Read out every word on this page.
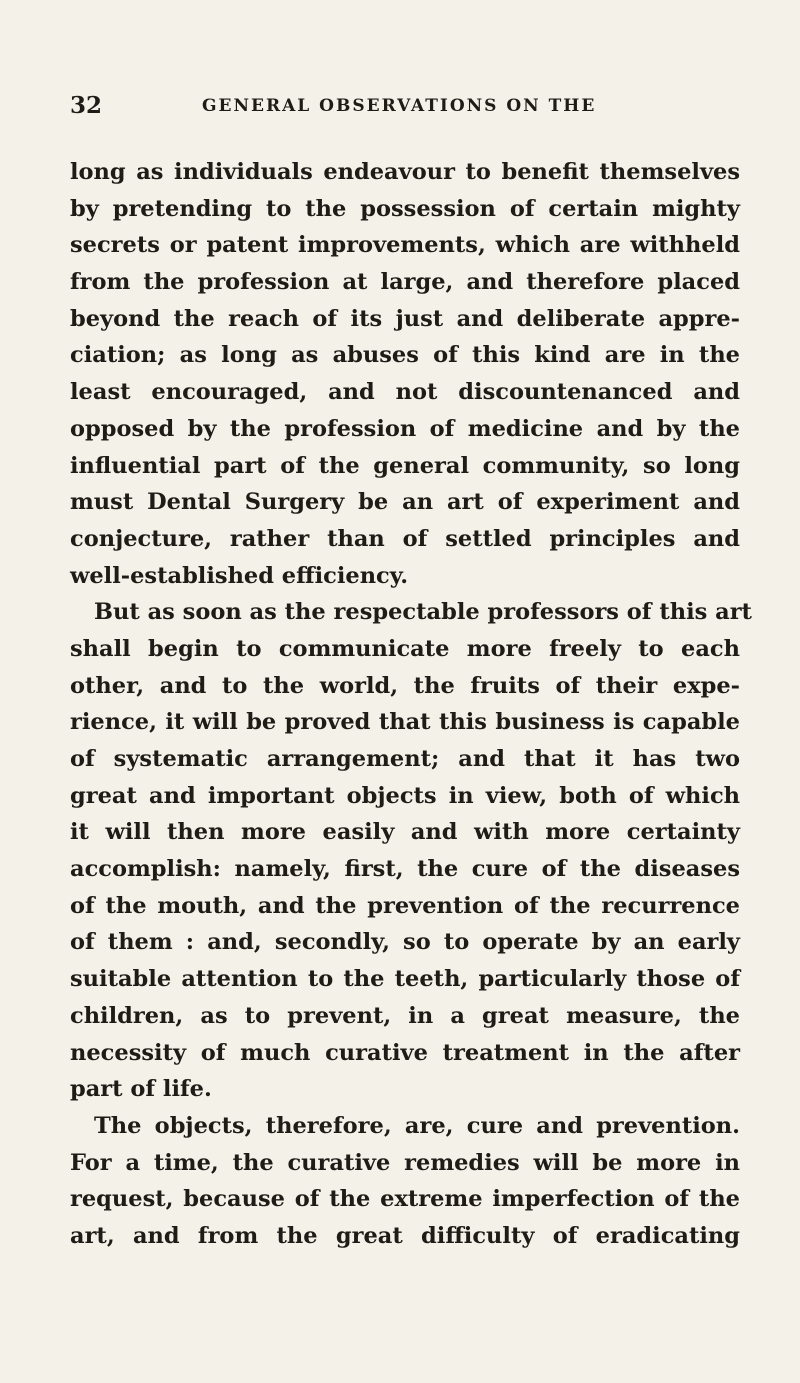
32	GENERAL OBSERVATIONS ON THE
long as individuals endeavour to benefit themselves
by pretending to the possession of certain mighty
secrets or patent improvements, which are withheld
from the profession at large, and therefore placed
beyond the reach of its just and deliberate appre-
ciation; as long as abuses of this kind are in the
least encouraged, and not discountenanced and
opposed by the profession of medicine and by the
influential part of the general community, so long
must Dental Surgery be an art of experiment and
conjecture, rather than of settled principles and
well-established efficiency.
But as soon as the respectable professors of this art
shall begin to communicate more freely to each
other, and to the world, the fruits of their expe-
rience, it will be proved that this business is capable
of systematic arrangement; and that it has two
great and important objects in view, both of which
it will then more easily and with more certainty
accomplish: namely, first, the cure of the diseases
of the mouth, and the prevention of the recurrence
of them : and, secondly, so to operate by an early
suitable attention to the teeth, particularly those of
children, as to prevent, in a great measure, the
necessity of much curative treatment in the after
part of life.
The objects, therefore, are, cure and prevention.
For a time, the curative remedies will be more in
request, because of the extreme imperfection of the
art, and from the great difficulty of eradicating
